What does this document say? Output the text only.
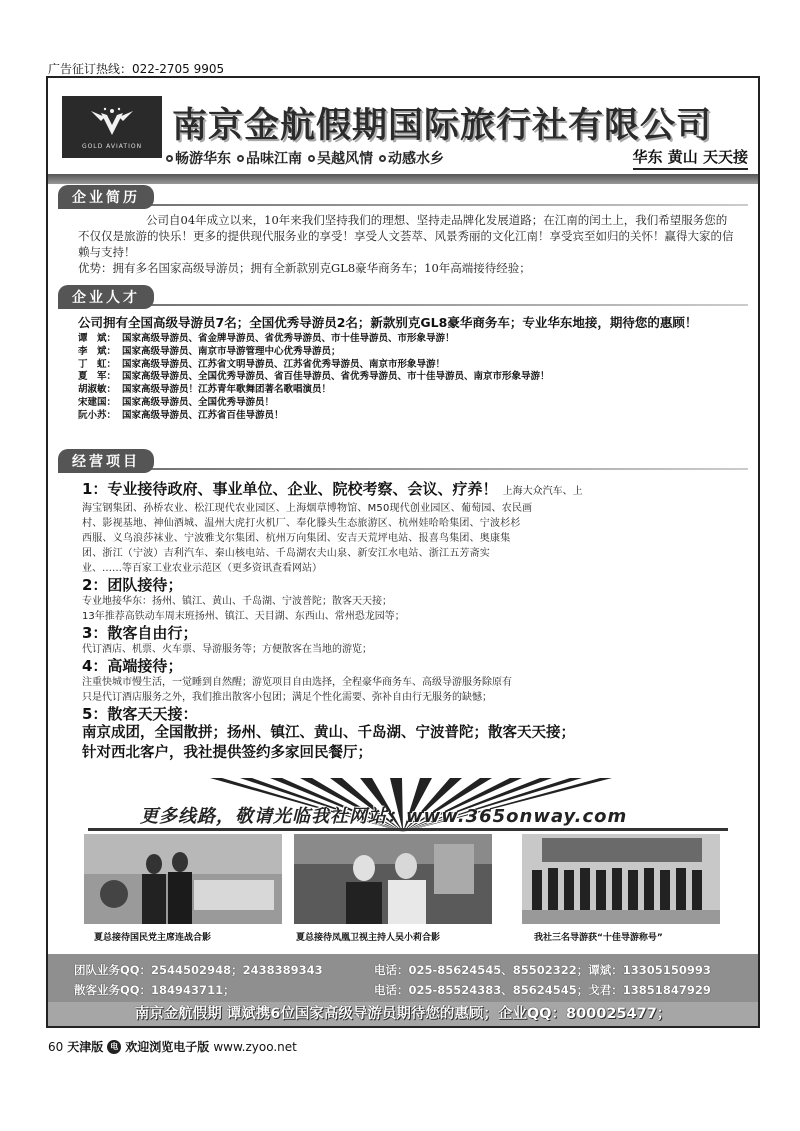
广告征订热线：022-2705 9905
GOLD AVIATION 南京金航假期国际旅行社有限公司
畅游华东	品味江南	吴越风情	动感水乡	华东 黄山 天天接
企业简历

公司自04年成立以来，10年来我们坚持我们的理想、坚持走品牌化发展道路；在江南的闰土上，我们希望服务您的不仅仅是旅游的快乐！更多的提供现代服务业的享受！享受人文荟萃、风景秀丽的文化江南！享受宾至如归的关怀！赢得大家的信赖与支持！

优势：拥有多名国家高级导游员；拥有全新款别克GL8豪华商务车；10年高端接待经验；

企业人才
公司拥有全国高级导游员7名；全国优秀导游员2名；新款别克GL8豪华商务车；专业华东地接，期待您的惠顾！
谭　斌： 国家高级导游员、省金牌导游员、省优秀导游员、市十佳导游员、市形象导游！
李　斌： 国家高级导游员、南京市导游管理中心优秀导游员；
丁　虹： 国家高级导游员、江苏省文明导游员、江苏省优秀导游员、南京市形象导游！
夏　军： 国家高级导游员、全国优秀导游员、省百佳导游员、省优秀导游员、市十佳导游员、南京市形象导游！
胡淑敏： 国家高级导游员！江苏青年歌舞团著名歌唱演员！
宋建国： 国家高级导游员、全国优秀导游员！
阮小苏： 国家高级导游员、江苏省百佳导游员！
经营项目
1：专业接待政府、事业单位、企业、院校考察、会议、疗养！ 上海大众汽车、上
海宝钢集团、孙桥农业、松江现代农业园区、上海烟草博物馆、M50现代创业园区、葡萄园、农民画
村、影视基地、神仙酒城、温州大虎打火机厂、奉化滕头生态旅游区、杭州娃哈哈集团、宁波杉杉
西服、义乌浪莎袜业、宁波雅戈尔集团、杭州万向集团、安吉天荒坪电站、报喜鸟集团、奥康集
团、浙江（宁波）吉利汽车、秦山核电站、千岛湖农夫山泉、新安江水电站、浙江五芳斋实
业、……等百家工业农业示范区（更多资讯查看网站）
2：团队接待；
专业地接华东：扬州、镇江、黄山、千岛湖、宁波普陀；散客天天接；
13年推荐高铁动车周末班扬州、镇江、天目湖、东西山、常州恐龙园等；
3：散客自由行；
代订酒店、机票、火车票、导游服务等；方便散客在当地的游览；
4：高端接待；
注重快城市慢生活，一觉睡到自然醒；游览项目自由选择，全程豪华商务车、高级导游服务除原有
只是代订酒店服务之外，我们推出散客小包团；满足个性化需要、弥补自由行无服务的缺憾；
5：散客天天接：
南京成团，全国散拼；扬州、镇江、黄山、千岛湖、宁波普陀；散客天天接；
针对西北客户，我社提供签约多家回民餐厅；
更多线路，敬请光临我社网站：www.365onway.com
夏总接待国民党主席连战合影	夏总接待凤凰卫视主持人吴小莉合影	我社三名导游获“十佳导游称号”
团队业务QQ：2544502948；2438389343	电话：025-85624545、85502322；谭斌：13305150993
散客业务QQ：184943711；	电话：025-85524383、85624545；戈君：13851847929
南京金航假期 谭斌携6位国家高级导游员期待您的惠顾；企业QQ：800025477；
60 天津版 电 欢迎浏览电子版 www.zyoo.net
